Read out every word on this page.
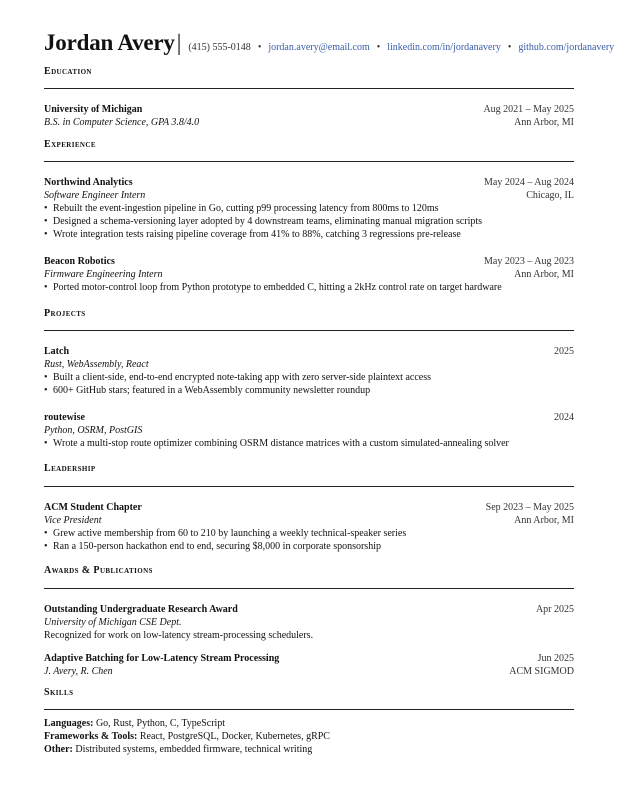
Jordan Avery| (415) 555-0148 • jordan.avery@email.com • linkedin.com/in/jordanavery • github.com/jordanavery
Education
University of Michigan	Aug 2021 – May 2025
B.S. in Computer Science, GPA 3.8/4.0	Ann Arbor, MI
Experience
Northwind Analytics	May 2024 – Aug 2024
Software Engineer Intern	Chicago, IL
• Rebuilt the event-ingestion pipeline in Go, cutting p99 processing latency from 800ms to 120ms
• Designed a schema-versioning layer adopted by 4 downstream teams, eliminating manual migration scripts
• Wrote integration tests raising pipeline coverage from 41% to 88%, catching 3 regressions pre-release
Beacon Robotics	May 2023 – Aug 2023
Firmware Engineering Intern	Ann Arbor, MI
• Ported motor-control loop from Python prototype to embedded C, hitting a 2kHz control rate on target hardware
Projects
Latch	2025
Rust, WebAssembly, React
• Built a client-side, end-to-end encrypted note-taking app with zero server-side plaintext access
• 600+ GitHub stars; featured in a WebAssembly community newsletter roundup
routewise	2024
Python, OSRM, PostGIS
• Wrote a multi-stop route optimizer combining OSRM distance matrices with a custom simulated-annealing solver
Leadership
ACM Student Chapter	Sep 2023 – May 2025
Vice President	Ann Arbor, MI
• Grew active membership from 60 to 210 by launching a weekly technical-speaker series
• Ran a 150-person hackathon end to end, securing $8,000 in corporate sponsorship
Awards & Publications
Outstanding Undergraduate Research Award	Apr 2025
University of Michigan CSE Dept.
Recognized for work on low-latency stream-processing schedulers.
Adaptive Batching for Low-Latency Stream Processing	Jun 2025
J. Avery, R. Chen	ACM SIGMOD
Skills
Languages: Go, Rust, Python, C, TypeScript
Frameworks & Tools: React, PostgreSQL, Docker, Kubernetes, gRPC
Other: Distributed systems, embedded firmware, technical writing
